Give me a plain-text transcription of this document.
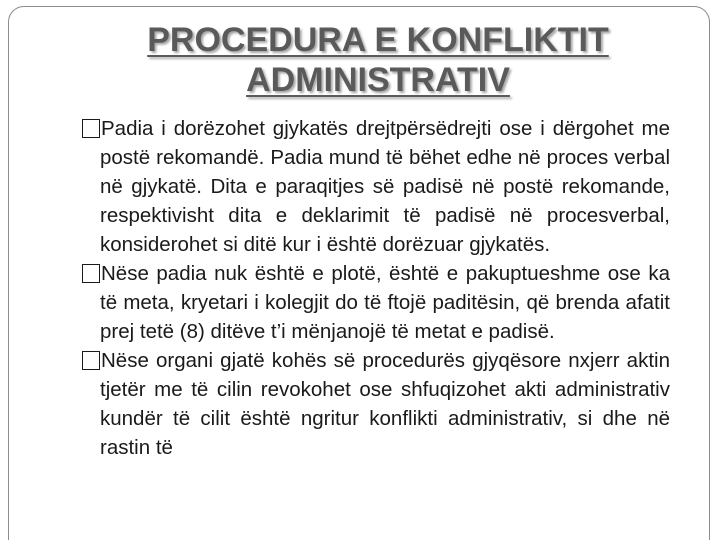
PROCEDURA E KONFLIKTIT
ADMINISTRATIV
Padia i dorëzohet gjykatës drejtpërsëdrejti ose i dërgohet me postë rekomandë. Padia mund të bëhet edhe në proces verbal në gjykatë. Dita e paraqitjes së padisë në postë rekomande, respektivisht dita e deklarimit të padisë në procesverbal, konsiderohet si ditë kur i është dorëzuar gjykatës.
Nëse padia nuk është e plotë, është e pakuptueshme ose ka të meta, kryetari i kolegjit do të ftojë paditësin, që brenda afatit prej tetë (8) ditëve t’i mënjanojë të metat e padisë.
Nëse organi gjatë kohës së procedurës gjyqësore nxjerr aktin tjetër me të cilin revokohet ose shfuqizohet akti administrativ kundër të cilit është ngritur konflikti administrativ, si dhe në rastin të
